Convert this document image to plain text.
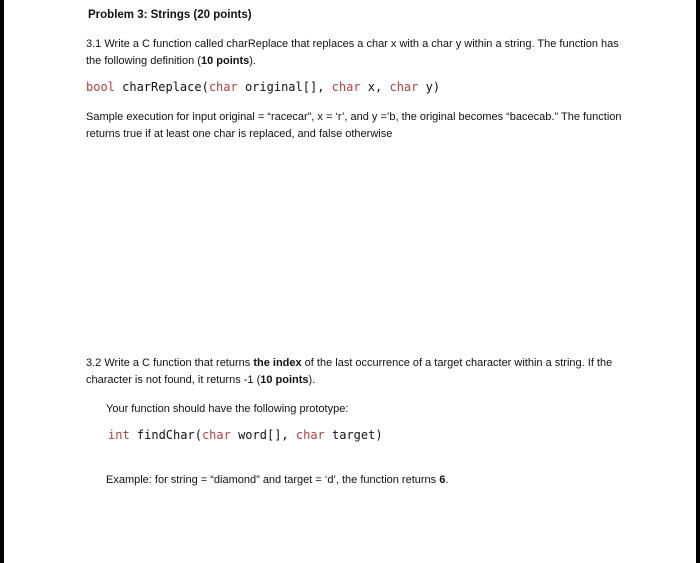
Problem 3: Strings (20 points)
3.1 Write a C function called charReplace that replaces a char x with a char y within a string. The function has the following definition (10 points).
bool charReplace(char original[], char x, char y)
Sample execution for input original = “racecar”, x = ‘r’, and y =’b, the original becomes “bacecab.” The function returns true if at least one char is replaced, and false otherwise
3.2 Write a C function that returns the index of the last occurrence of a target character within a string. If the character is not found, it returns -1 (10 points).
Your function should have the following prototype:
int findChar(char word[], char target)
Example: for string = “diamond” and target = ‘d’, the function returns 6.
